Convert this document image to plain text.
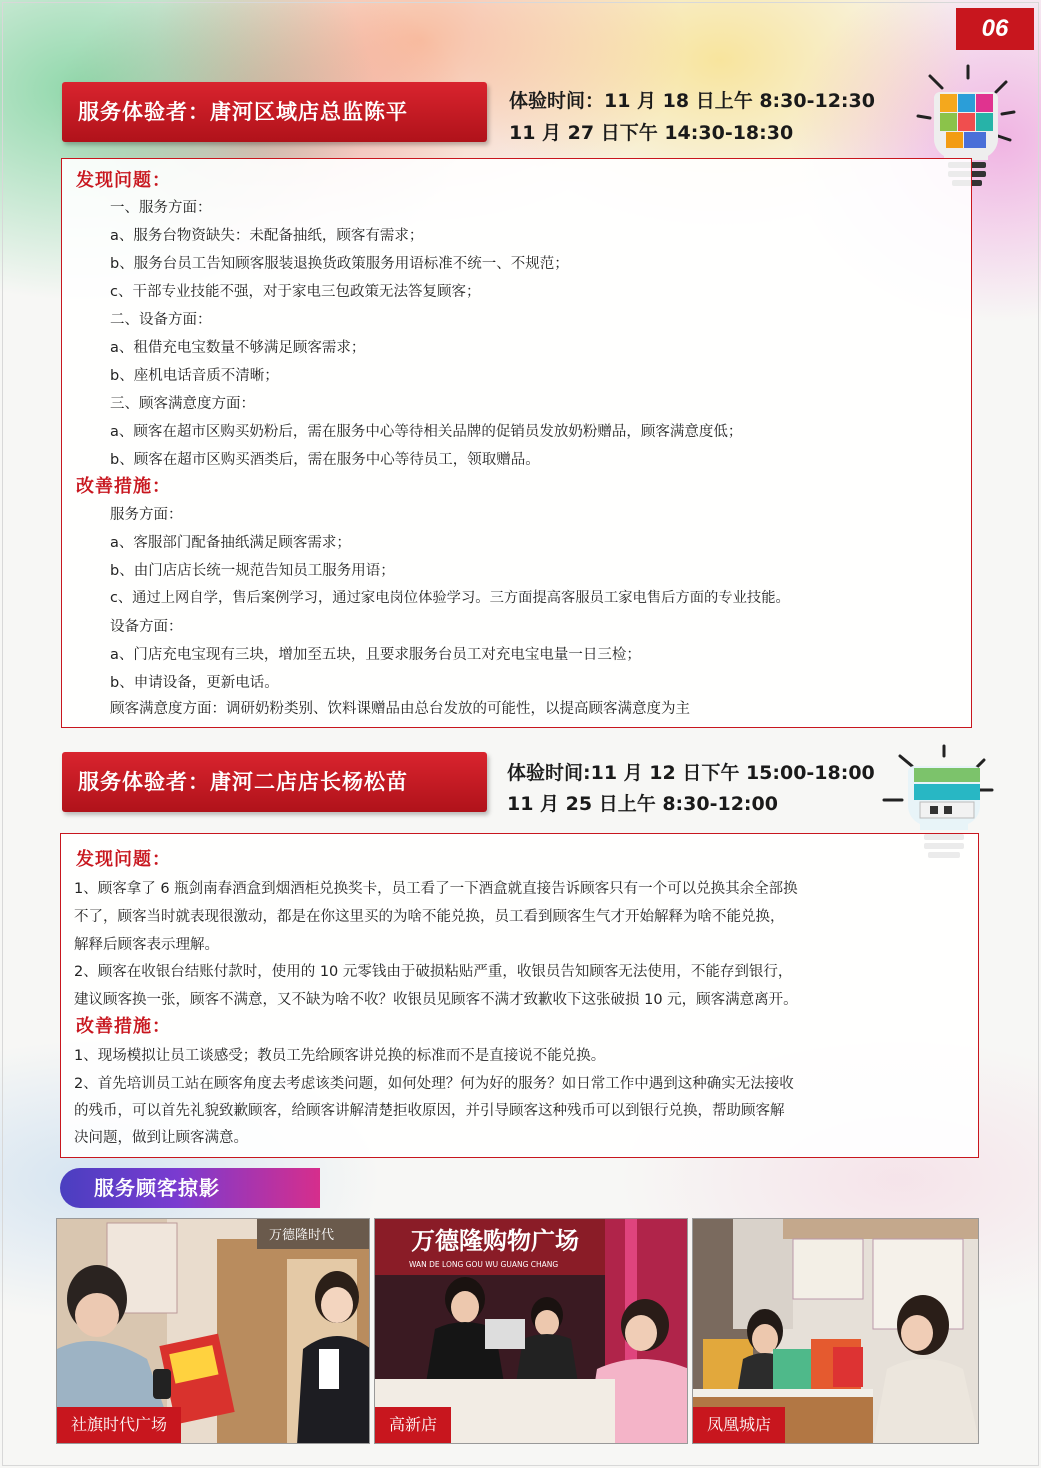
06
服务体验者：唐河区域店总监陈平	体验时间：11 月 18 日上午 8:30-12:30
11 月 27 日下午 14:30-18:30
发现问题：
一、服务方面：
a、服务台物资缺失：未配备抽纸，顾客有需求；
b、服务台员工告知顾客服装退换货政策服务用语标准不统一、不规范；
c、干部专业技能不强，对于家电三包政策无法答复顾客；
二、设备方面：
a、租借充电宝数量不够满足顾客需求；
b、座机电话音质不清晰；
三、顾客满意度方面：
a、顾客在超市区购买奶粉后，需在服务中心等待相关品牌的促销员发放奶粉赠品，顾客满意度低；
b、顾客在超市区购买酒类后，需在服务中心等待员工，领取赠品。
改善措施：
服务方面：
a、客服部门配备抽纸满足顾客需求；
b、由门店店长统一规范告知员工服务用语；
c、通过上网自学，售后案例学习，通过家电岗位体验学习。三方面提高客服员工家电售后方面的专业技能。
设备方面：
a、门店充电宝现有三块，增加至五块，且要求服务台员工对充电宝电量一日三检；
b、申请设备，更新电话。
顾客满意度方面：调研奶粉类别、饮料课赠品由总台发放的可能性，以提高顾客满意度为主
服务体验者：唐河二店店长杨松苗	体验时间:11 月 12 日下午 15:00-18:00
11 月 25 日上午 8:30-12:00
发现问题：
1、顾客拿了 6 瓶剑南春酒盒到烟酒柜兑换奖卡，员工看了一下酒盒就直接告诉顾客只有一个可以兑换其余全部换
不了，顾客当时就表现很激动，都是在你这里买的为啥不能兑换，员工看到顾客生气才开始解释为啥不能兑换，
解释后顾客表示理解。
2、顾客在收银台结账付款时，使用的 10 元零钱由于破损粘贴严重，收银员告知顾客无法使用，不能存到银行，
建议顾客换一张，顾客不满意，又不缺为啥不收？收银员见顾客不满才致歉收下这张破损 10 元，顾客满意离开。
改善措施：
1、现场模拟让员工谈感受；教员工先给顾客讲兑换的标准而不是直接说不能兑换。
2、首先培训员工站在顾客角度去考虑该类问题，如何处理？何为好的服务？如日常工作中遇到这种确实无法接收
的残币，可以首先礼貌致歉顾客，给顾客讲解清楚拒收原因，并引导顾客这种残币可以到银行兑换，帮助顾客解
决问题，做到让顾客满意。
服务顾客掠影
万德隆时代
社旗时代广场
万德隆购物广场
WAN DE LONG GOU WU GUANG CHANG
高新店	凤凰城店
